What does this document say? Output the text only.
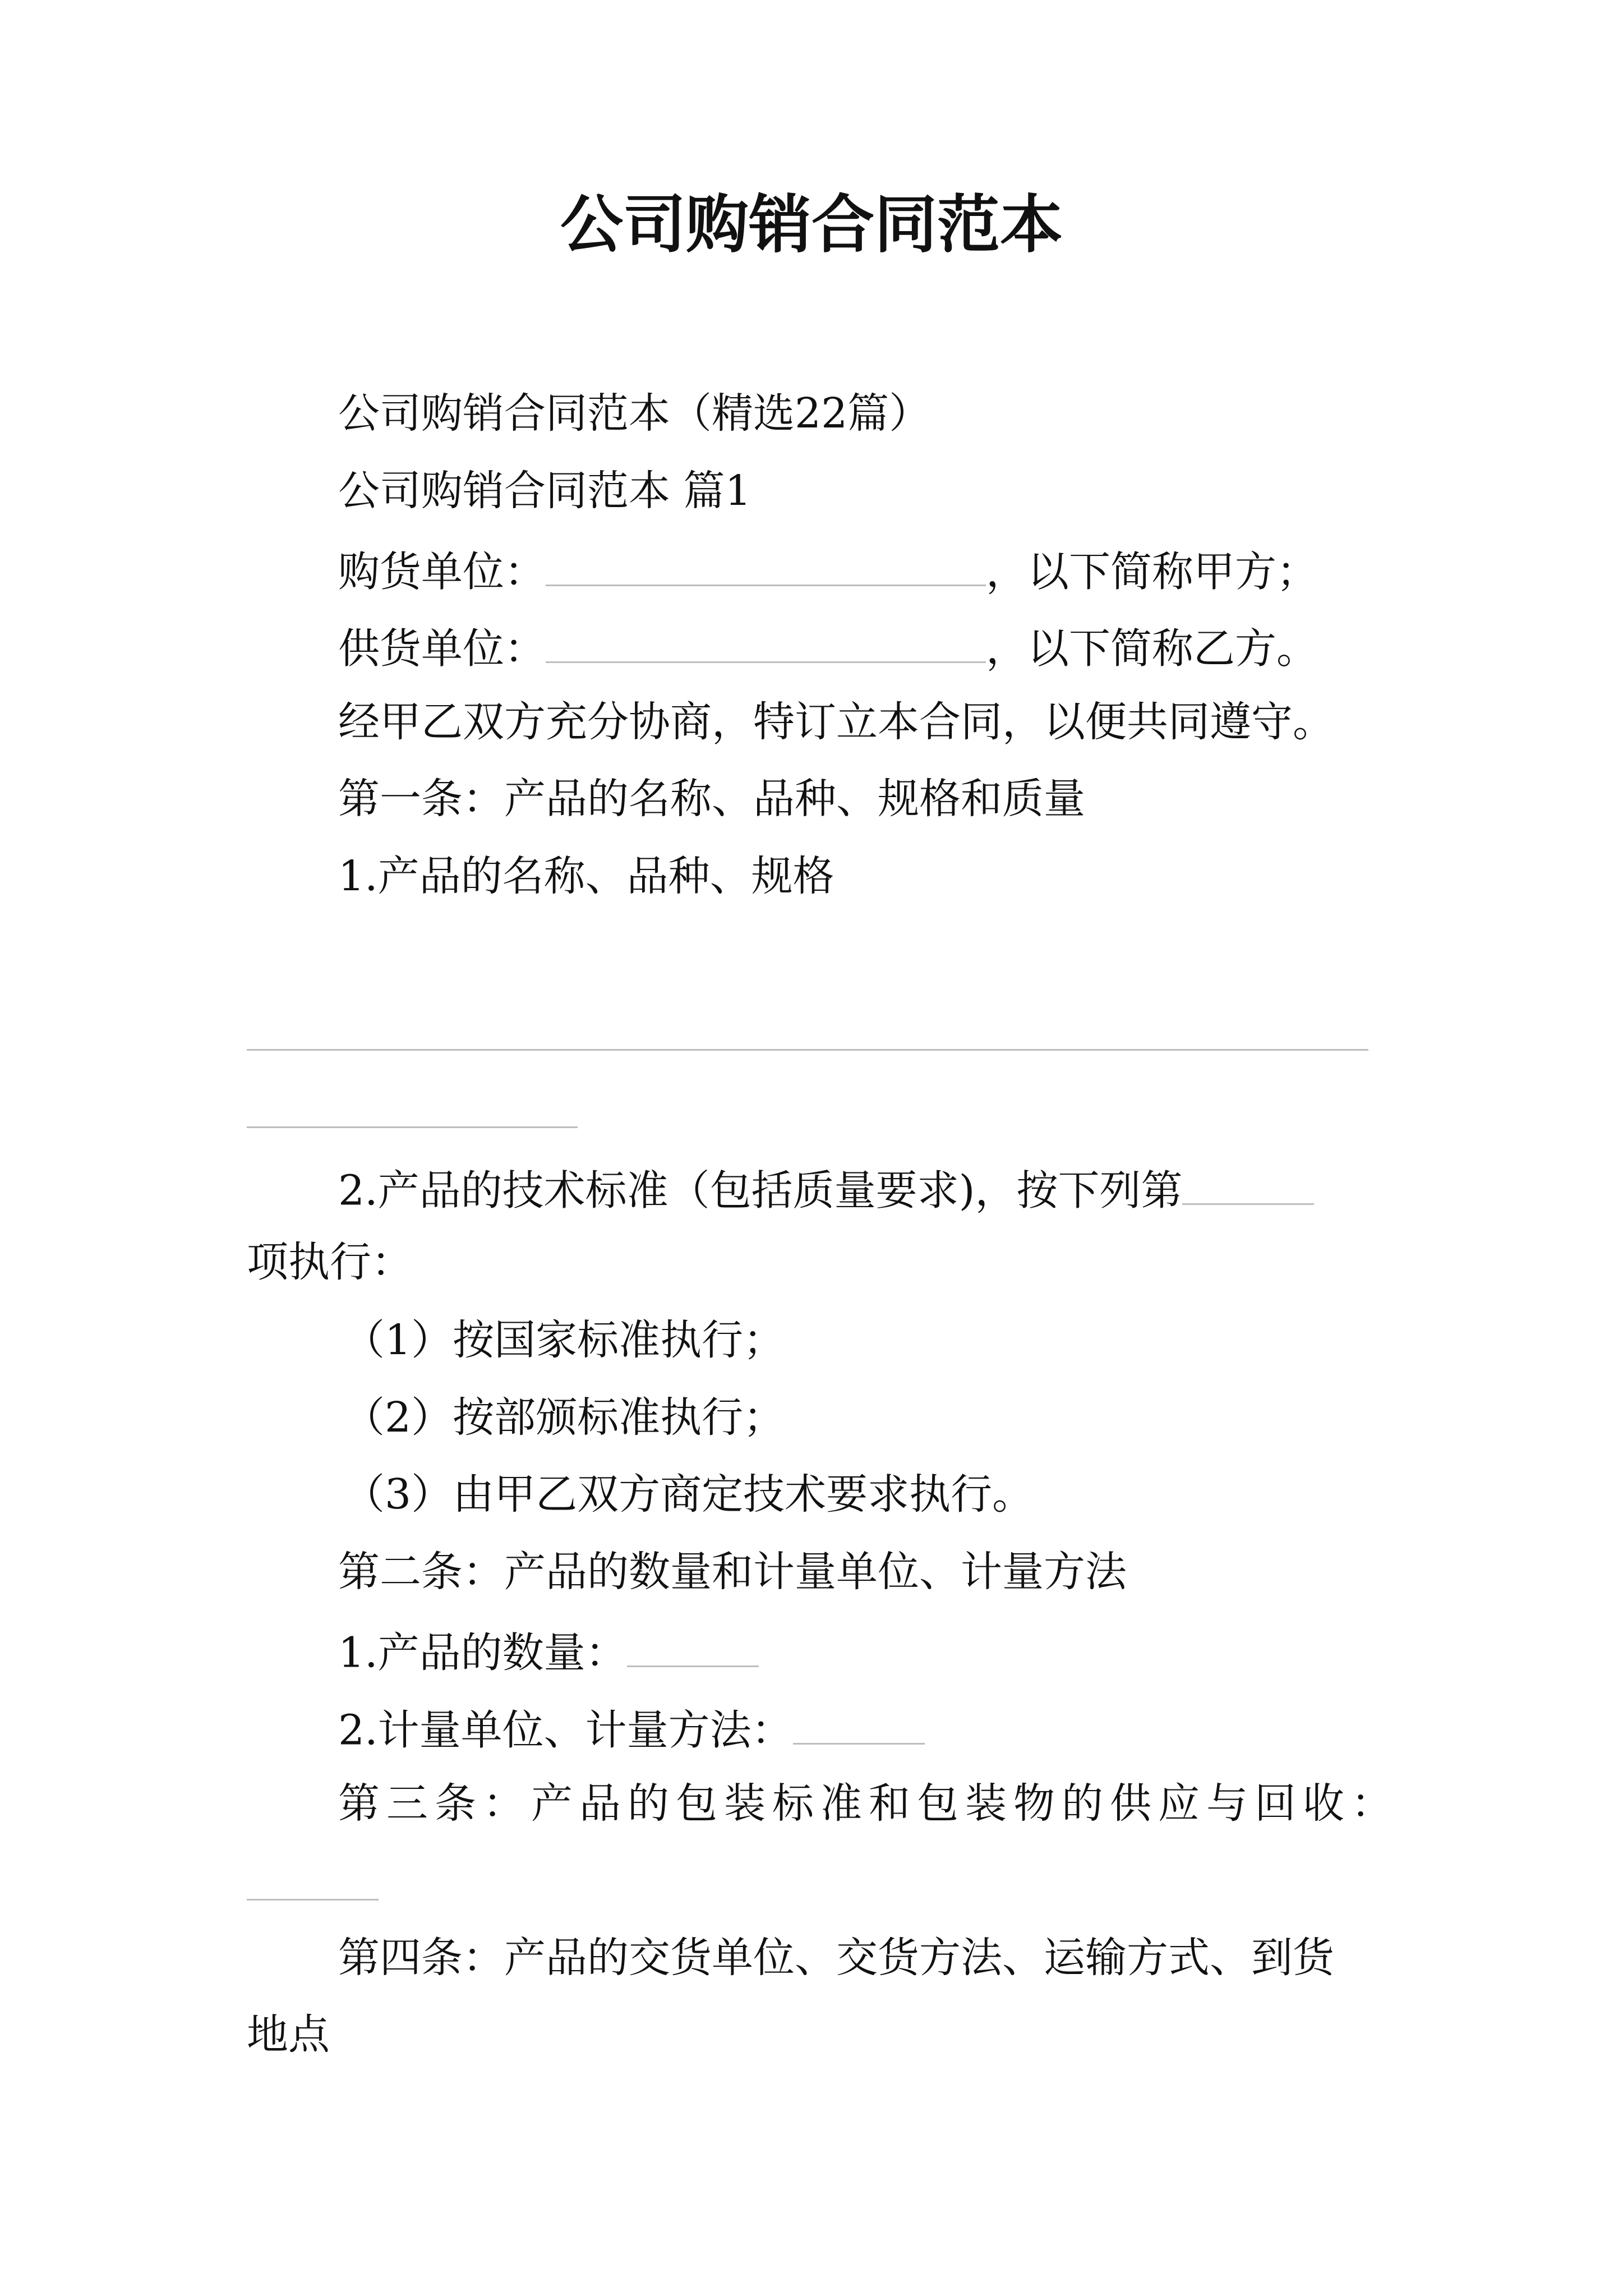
公司购销合同范本

公司购销合同范本（精选22篇）

公司购销合同范本 篇1

购货单位：	，以下简称甲方；

供货单位：	，以下简称乙方。

经甲乙双方充分协商，特订立本合同，以便共同遵守。

第一条：产品的名称、品种、规格和质量

1.产品的名称、品种、规格

2.产品的技术标准（包括质量要求)，按下列第

项执行：

（1）按国家标准执行；

（2）按部颁标准执行；

（3）由甲乙双方商定技术要求执行。

第二条：产品的数量和计量单位、计量方法

1.产品的数量：

2.计量单位、计量方法：

第三条：产品的包装标准和包装物的供应与回收：

第四条：产品的交货单位、交货方法、运输方式、到货

地点
